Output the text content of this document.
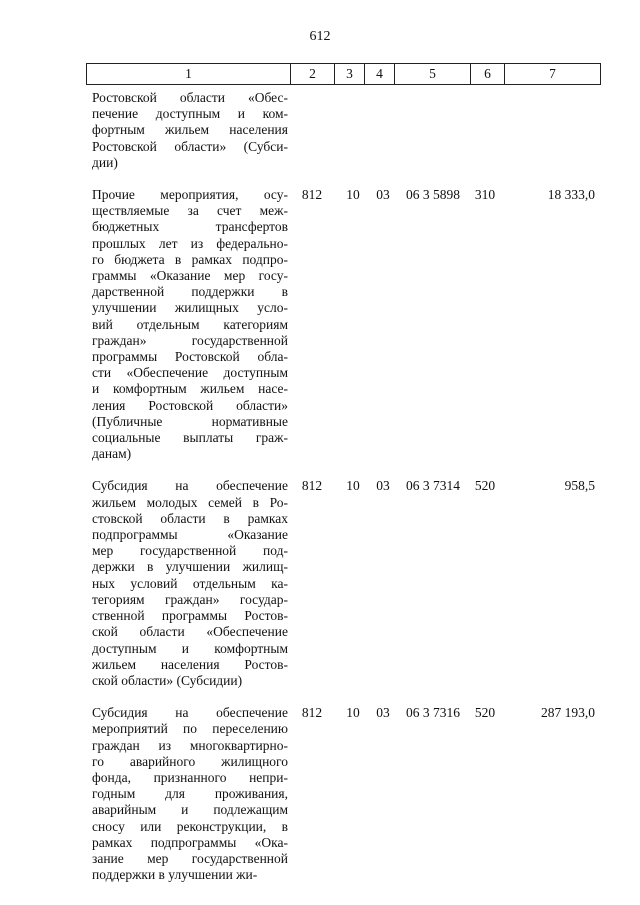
612
1	2	3	4	5	6	7
Ростовской области «Обес-
печение доступным и ком-
фортным жильем населения
Ростовской области» (Субси-
дии)
Прочие мероприятия, осу-
ществляемые за счет меж-
бюджетных трансфертов
прошлых лет из федерально-
го бюджета в рамках подпро-
граммы «Оказание мер госу-
дарственной поддержки в
улучшении жилищных усло-
вий отдельным категориям
граждан» государственной
программы Ростовской обла-
сти «Обеспечение доступным
и комфортным жильем насе-
ления Ростовской области»
(Публичные нормативные
социальные выплаты граж-
данам)
812	10	03	06 3 5898	310	18 333,0
Субсидия на обеспечение
жильем молодых семей в Ро-
стовской области в рамках
подпрограммы «Оказание
мер государственной под-
держки в улучшении жилищ-
ных условий отдельным ка-
тегориям граждан» государ-
ственной программы Ростов-
ской области «Обеспечение
доступным и комфортным
жильем населения Ростов-
ской области» (Субсидии)
812	10	03	06 3 7314	520	958,5
Субсидия на обеспечение
мероприятий по переселению
граждан из многоквартирно-
го аварийного жилищного
фонда, признанного непри-
годным для проживания,
аварийным и подлежащим
сносу или реконструкции, в
рамках подпрограммы «Ока-
зание мер государственной
поддержки в улучшении жи-
812	10	03	06 3 7316	520	287 193,0
